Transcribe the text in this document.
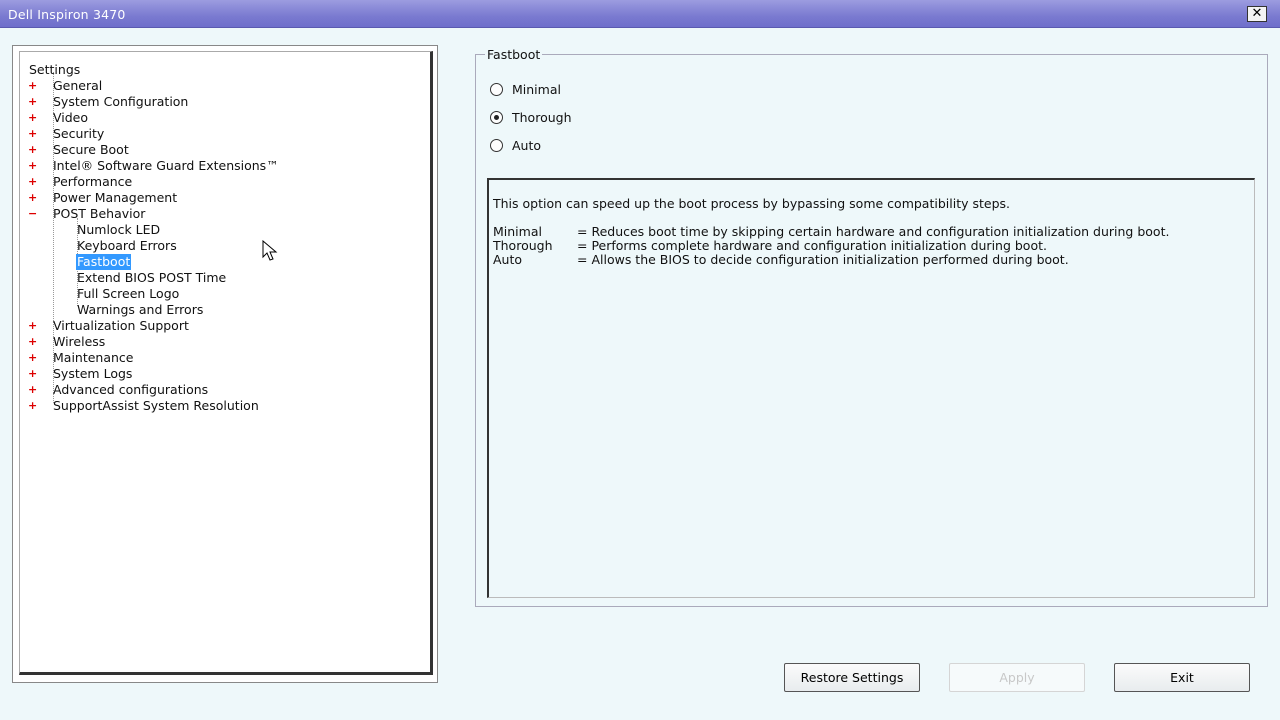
Dell Inspiron 3470	✕
Settings
+ General
+ System Configuration
+ Video
+ Security
+ Secure Boot
+ Intel® Software Guard Extensions™
+ Performance
+ Power Management
− POST Behavior
Numlock LED
Keyboard Errors
Fastboot
Extend BIOS POST Time
Full Screen Logo
Warnings and Errors
+ Virtualization Support
+ Wireless
+ Maintenance
+ System Logs
+ Advanced configurations
+ SupportAssist System Resolution
Fastboot
Minimal
Thorough
Auto
This option can speed up the boot process by bypassing some compatibility steps.
Minimal	= Reduces boot time by skipping certain hardware and configuration initialization during boot.
Thorough = Performs complete hardware and configuration initialization during boot.
Auto	= Allows the BIOS to decide configuration initialization performed during boot.
Restore Settings	Apply	Exit
